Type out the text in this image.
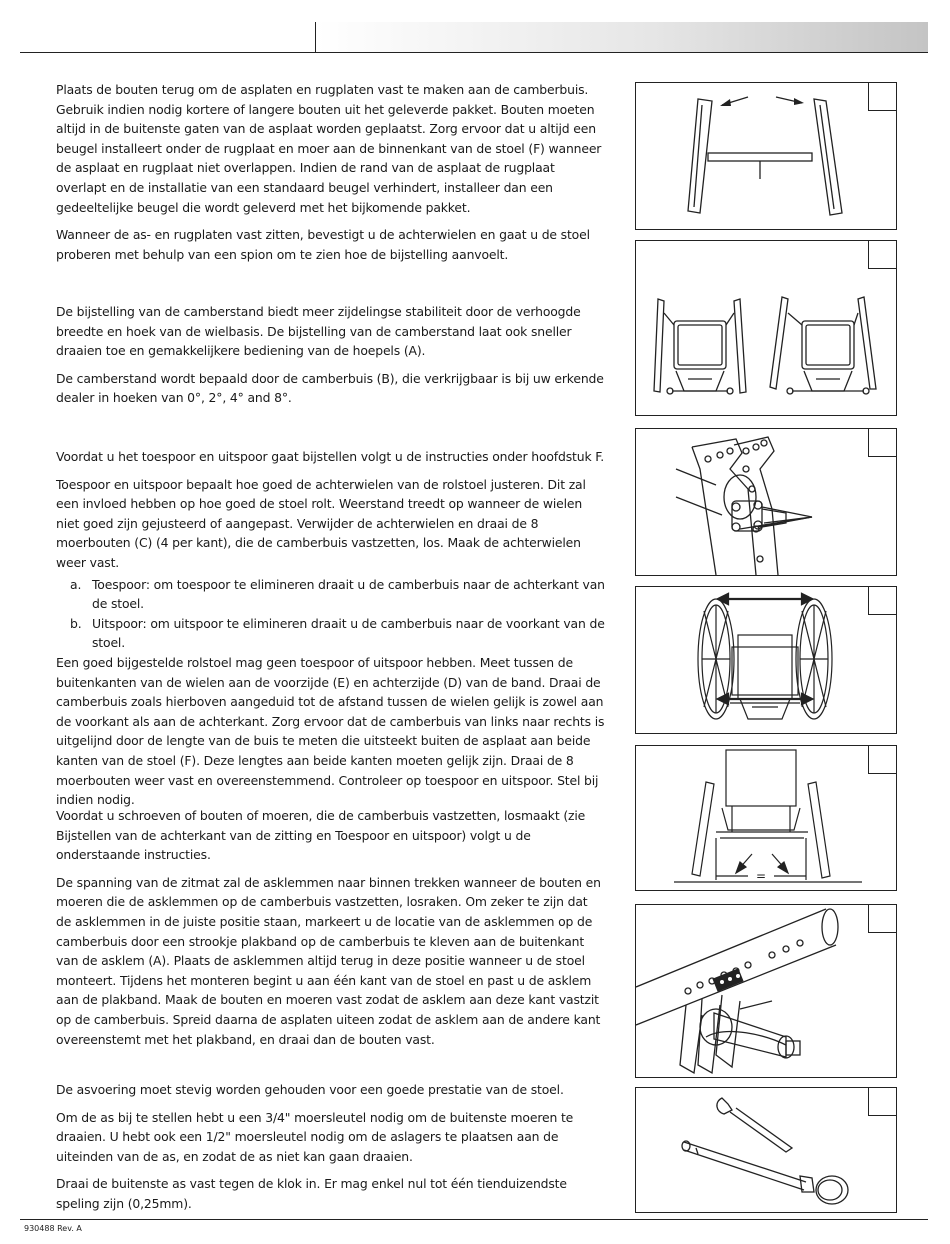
Plaats de bouten terug om de asplaten en rugplaten vast te maken aan de camberbuis. Gebruik indien nodig kortere of langere bouten uit het geleverde pakket. Bouten moeten altijd in de buitenste gaten van de asplaat worden geplaatst. Zorg ervoor dat u altijd een beugel installeert onder de rugplaat en moer aan de binnenkant van de stoel (F) wanneer de asplaat en rugplaat niet overlappen. Indien de rand van de asplaat de rugplaat overlapt en de installatie van een standaard beugel verhindert, installeer dan een gedeeltelijke beugel die wordt geleverd met het bijkomende pakket.

Wanneer de as- en rugplaten vast zitten, bevestigt u de achterwielen en gaat u de stoel proberen met behulp van een spion om te zien hoe de bijstelling aanvoelt.

De bijstelling van de camberstand biedt meer zijdelingse stabiliteit door de verhoogde breedte en hoek van de wielbasis. De bijstelling van de camberstand laat ook sneller draaien toe en gemakkelijkere bediening van de hoepels (A).

De camberstand wordt bepaald door de camberbuis (B), die verkrijgbaar is bij uw erkende dealer in hoeken van 0°, 2°, 4° and 8°.

Voordat u het toespoor en uitspoor gaat bijstellen volgt u de instructies onder hoofdstuk F.

Toespoor en uitspoor bepaalt hoe goed de achterwielen van de rolstoel justeren. Dit zal een invloed hebben op hoe goed de stoel rolt. Weerstand treedt op wanneer de wielen niet goed zijn gejusteerd of aangepast. Verwijder de achterwielen en draai de 8 moerbouten (C) (4 per kant), die de camberbuis vastzetten, los. Maak de achterwielen weer vast.

a. Toespoor: om toespoor te elimineren draait u de camberbuis naar de achterkant van de stoel.
b. Uitspoor: om uitspoor te elimineren draait u de camberbuis naar de voorkant van de stoel.

Een goed bijgestelde rolstoel mag geen toespoor of uitspoor hebben. Meet tussen de buitenkanten van de wielen aan de voorzijde (E) en achterzijde (D) van de band. Draai de camberbuis zoals hierboven aangeduid tot de afstand tussen de wielen gelijk is zowel aan de voorkant als aan de achterkant. Zorg ervoor dat de camberbuis van links naar rechts is uitgelijnd door de lengte van de buis te meten die uitsteekt buiten de asplaat aan beide kanten van de stoel (F). Deze lengtes aan beide kanten moeten gelijk zijn. Draai de 8 moerbouten weer vast en overeenstemmend. Controleer op toespoor en uitspoor. Stel bij indien nodig.

Voordat u schroeven of bouten of moeren, die de camberbuis vastzetten, losmaakt (zie Bijstellen van de achterkant van de zitting en Toespoor en uitspoor) volgt u de onderstaande instructies.

De spanning van de zitmat zal de asklemmen naar binnen trekken wanneer de bouten en moeren die de asklemmen op de camberbuis vastzetten, losraken. Om zeker te zijn dat de asklemmen in de juiste positie staan, markeert u de locatie van de asklemmen op de camberbuis door een strookje plakband op de camberbuis te kleven aan de buitenkant van de asklem (A). Plaats de asklemmen altijd terug in deze positie wanneer u de stoel monteert. Tijdens het monteren begint u aan één kant van de stoel en past u de asklem aan de plakband. Maak de bouten en moeren vast zodat de asklem aan deze kant vastzit op de camberbuis. Spreid daarna de asplaten uiteen zodat de asklem aan de andere kant overeenstemt met het plakband, en draai dan de bouten vast.

De asvoering moet stevig worden gehouden voor een goede prestatie van de stoel.

Om de as bij te stellen hebt u een 3/4" moersleutel nodig om de buitenste moeren te draaien. U hebt ook een 1/2" moersleutel nodig om de aslagers te plaatsen aan de uiteinden van de as, en zodat de as niet kan gaan draaien.

Draai de buitenste as vast tegen de klok in. Er mag enkel nul tot één tienduizendste speling zijn (0,25mm).

=
930488 Rev. A
